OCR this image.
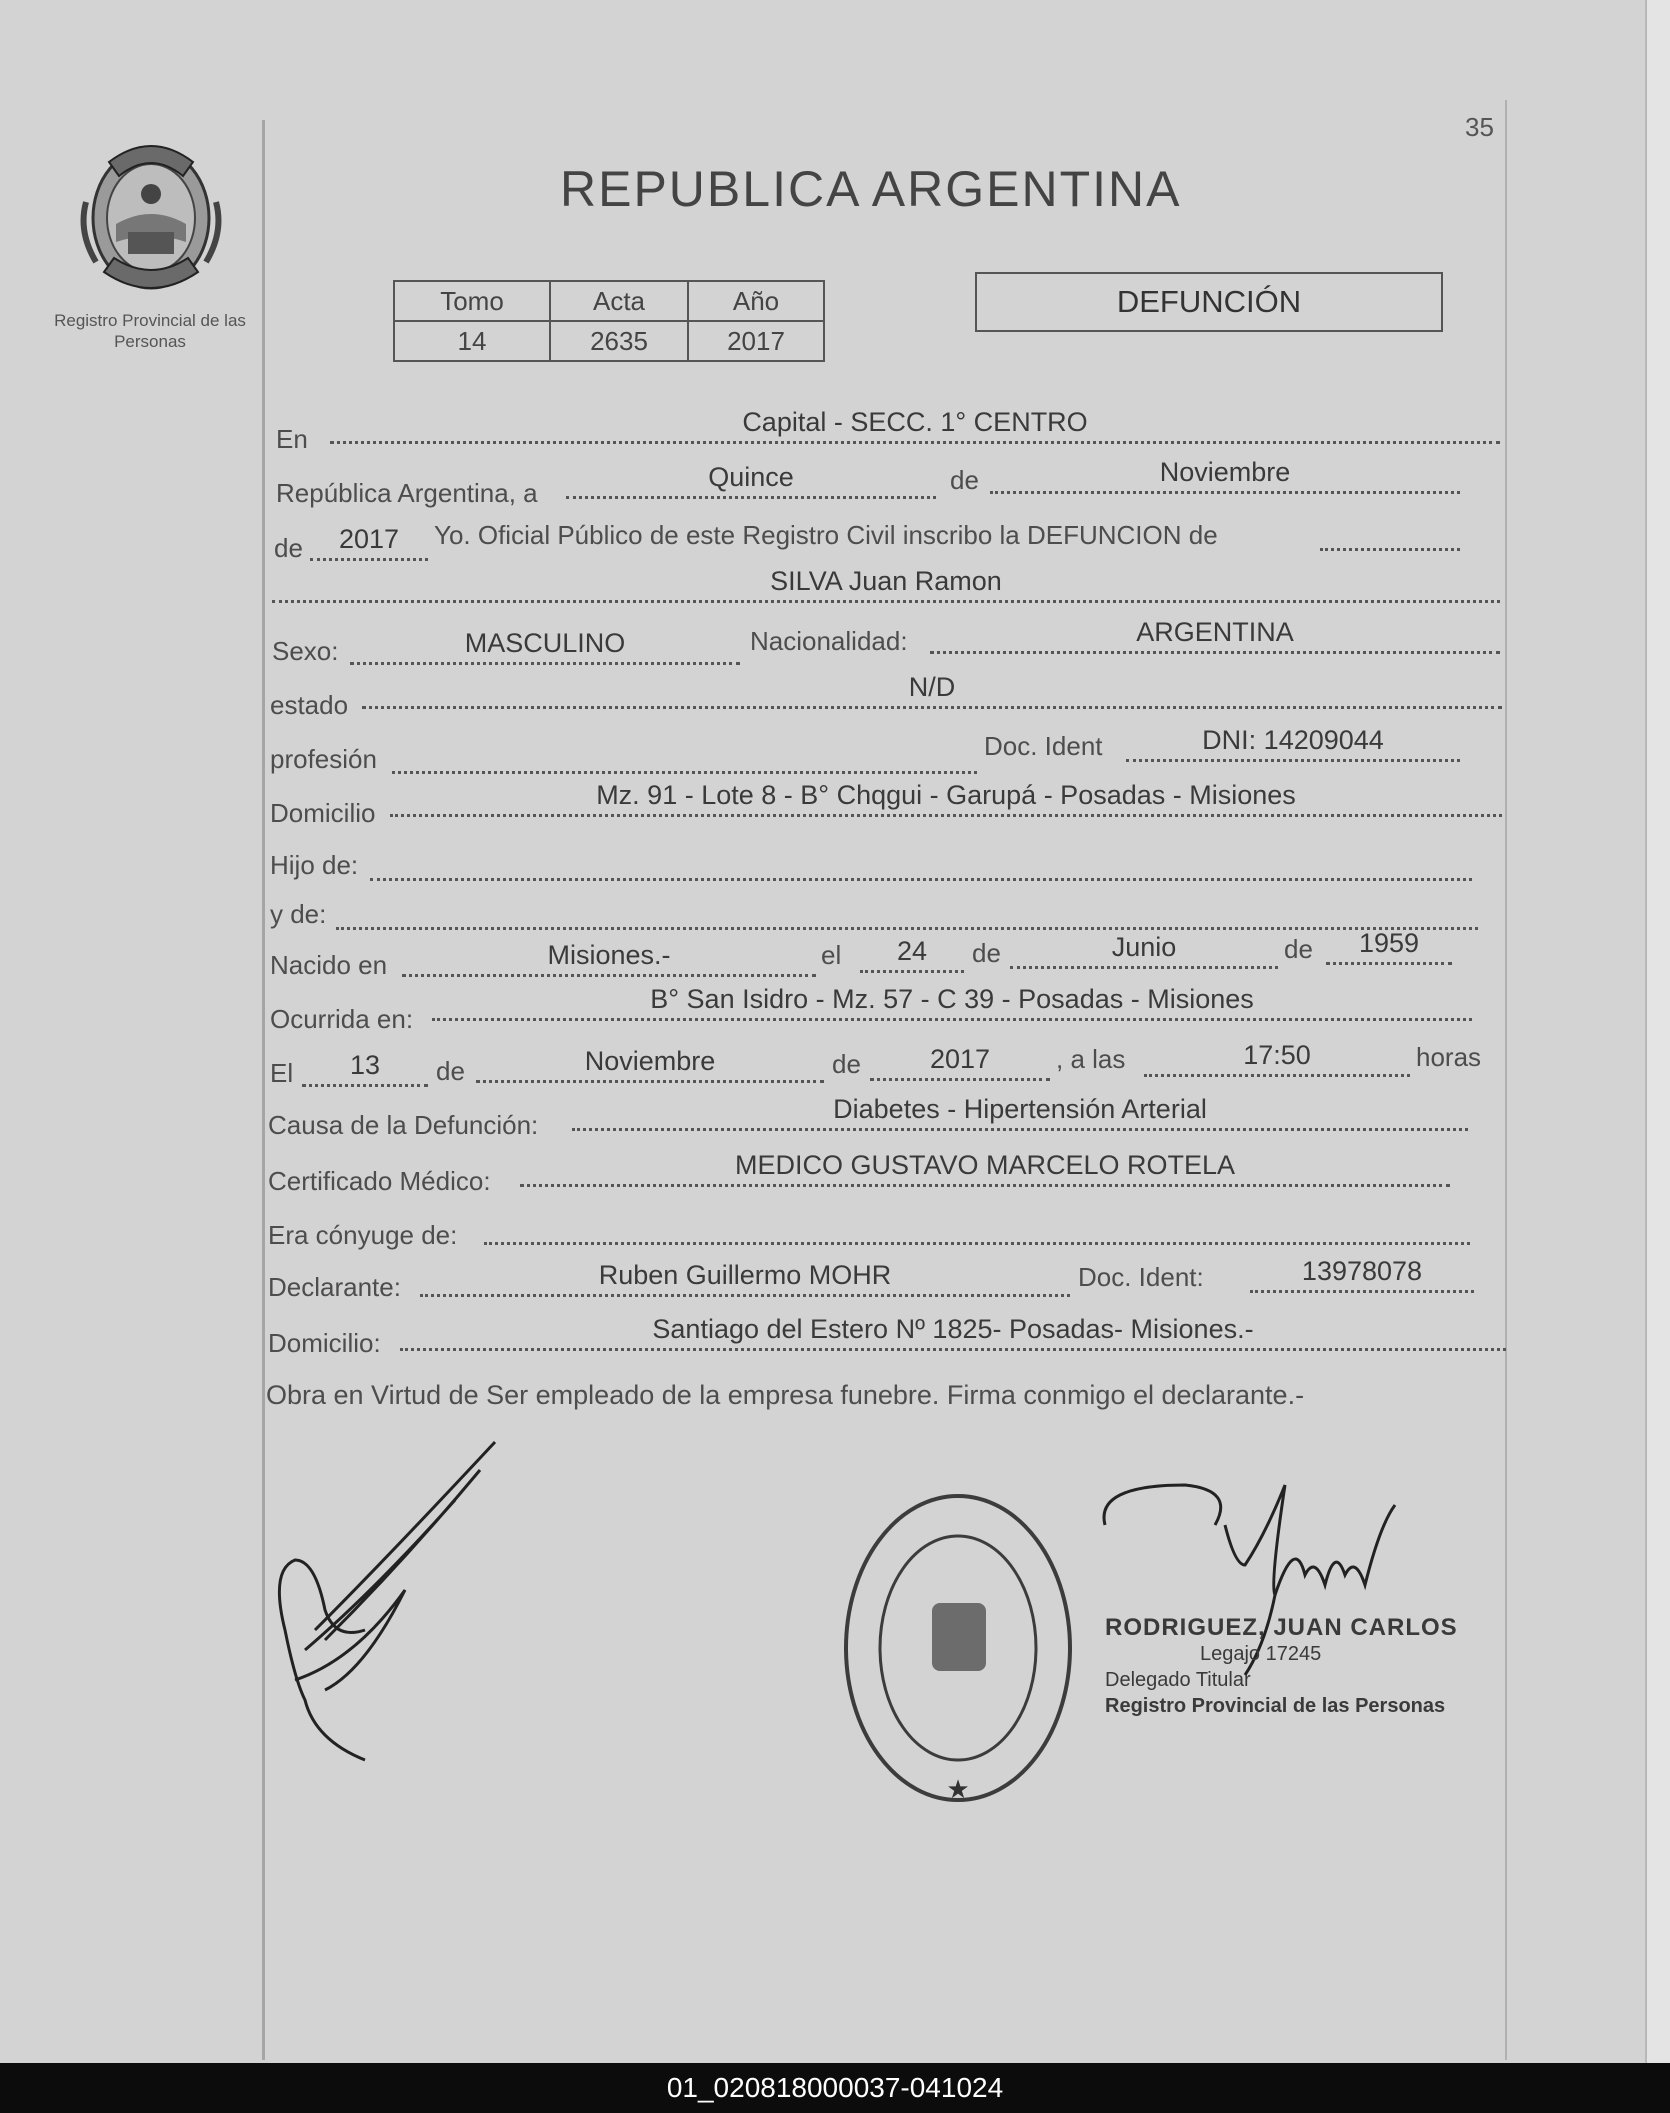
35
Registro Provincial de las Personas
REPUBLICA ARGENTINA
Tomo	Acta	Año
14	2635	2017
DEFUNCIÓN
En
Capital - SECC. 1° CENTRO
República Argentina, a
Quince	de	Noviembre
de	2017	Yo. Oficial Público de este Registro Civil inscribo la DEFUNCION de
SILVA Juan Ramon
Sexo:	MASCULINO	Nacionalidad:	ARGENTINA
estado
N/D
profesión	Doc. Ident	DNI: 14209044
Domicilio
Mz. 91 - Lote 8 - B° Chqgui - Garupá - Posadas - Misiones
Hijo de:
y de:
Nacido en	Misiones.-	el	24	de	Junio	de	1959
Ocurrida en:
B° San Isidro - Mz. 57 - C 39 - Posadas - Misiones
El	13	de	Noviembre	de	2017	, a las	17:50	horas
Causa de la Defunción:
Diabetes - Hipertensión Arterial
Certificado Médico:
MEDICO GUSTAVO MARCELO ROTELA
Era cónyuge de:
Declarante:	Ruben Guillermo MOHR	Doc. Ident:	13978078
Domicilio:	Santiago del Estero Nº 1825- Posadas- Misiones.-
Obra en Virtud de Ser empleado de la empresa funebre. Firma conmigo el declarante.-
★
RODRIGUEZ, JUAN CARLOS
Legajo 17245
Delegado Titular
Registro Provincial de las Personas
01_020818000037-041024
